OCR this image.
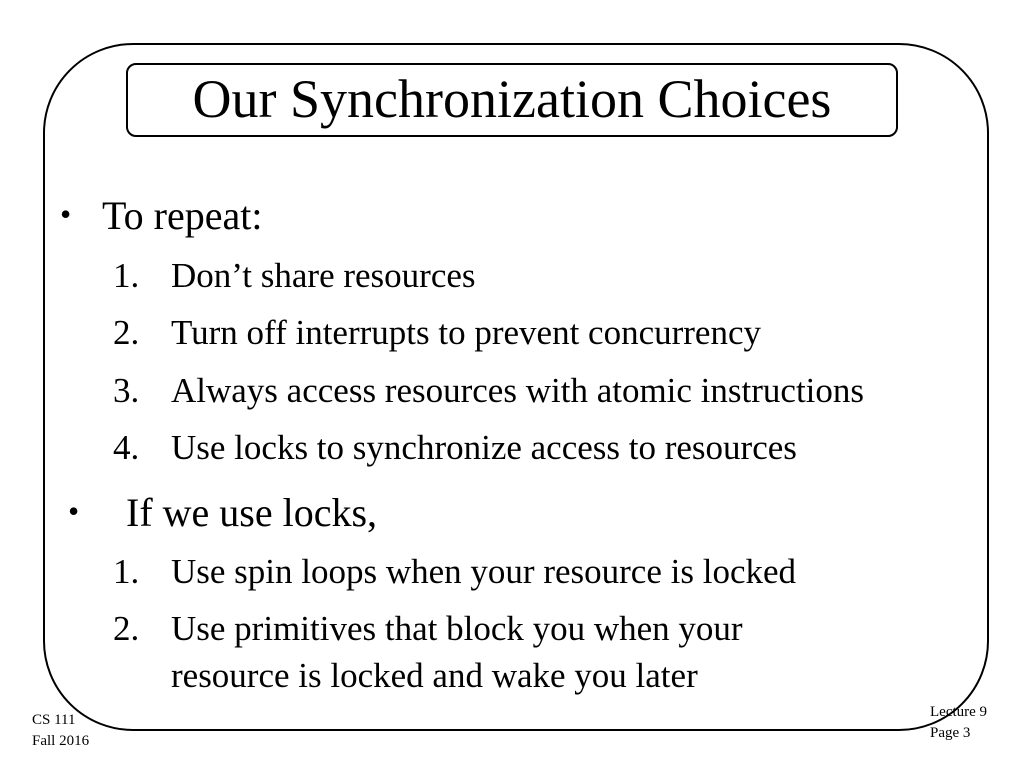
Our Synchronization Choices
• To repeat:
1. Don’t share resources
2. Turn off interrupts to prevent concurrency
3. Always access resources with atomic instructions
4. Use locks to synchronize access to resources
• If we use locks,
1. Use spin loops when your resource is locked
2. Use primitives that block you when your
resource is locked and wake you later
CS 111
Fall 2016
Lecture 9
Page 3
